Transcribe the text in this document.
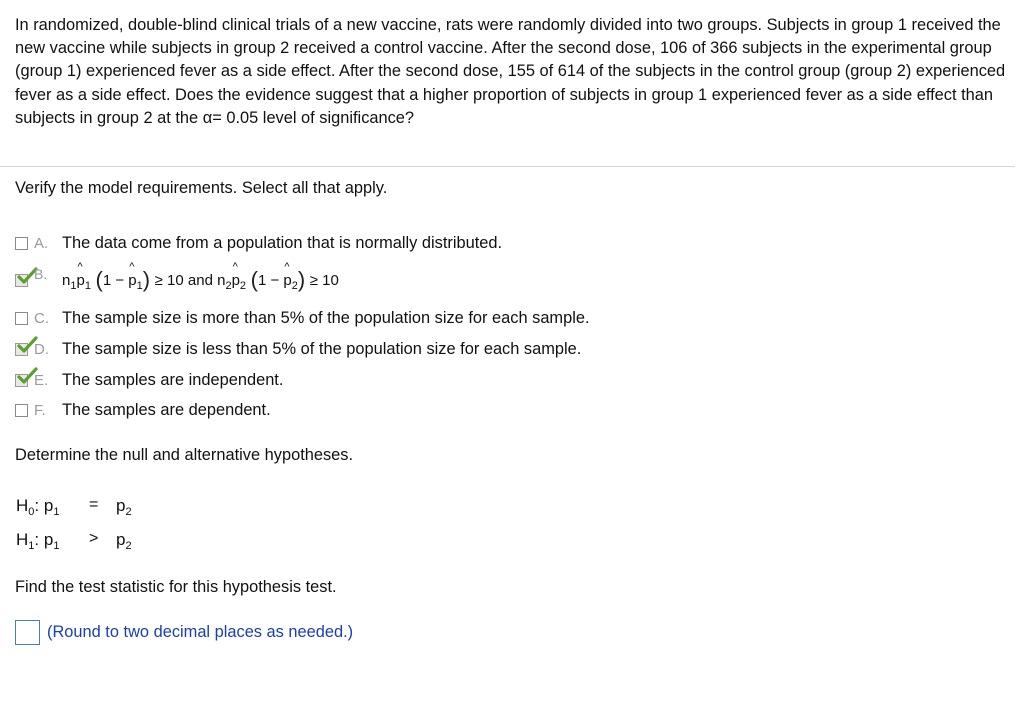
In randomized, double-blind clinical trials of a new vaccine, rats were randomly divided into two groups. Subjects in group 1 received the new vaccine while subjects in group 2 received a control vaccine. After the second dose, 106 of 366 subjects in the experimental group (group 1) experienced fever as a side effect. After the second dose, 155 of 614 of the subjects in the control group (group 2) experienced fever as a side effect. Does the evidence suggest that a higher proportion of subjects in group 1 experienced fever as a side effect than subjects in group 2 at the α= 0.05 level of significance?

Verify the model requirements. Select all that apply.
A. The data come from a population that is normally distributed.
B. $n_1\^{}$ $p_1$ (1 − ^ $p_1) \ge 10$ and $n_2\^{}$ $p_2$ (1 − ^ $p_2) \ge 10$
C. The sample size is more than 5% of the population size for each sample.
D. The sample size is less than 5% of the population size for each sample.
E. The samples are independent.
F. The samples are dependent.
Determine the null and alternative hypotheses.
$H_0$: $p_1 = p_2$
$H_1$: $p_1 > p_2$
Find the test statistic for this hypothesis test.
(Round to two decimal places as needed.)
